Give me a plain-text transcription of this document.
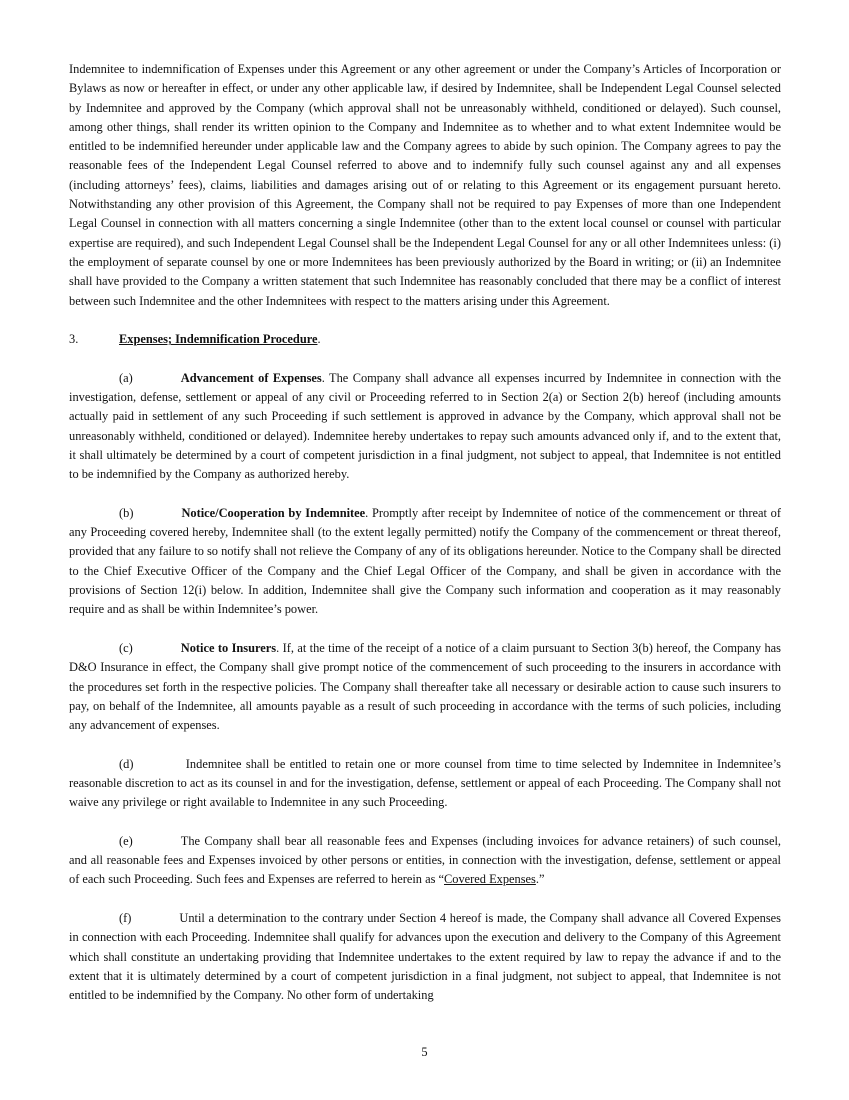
Indemnitee to indemnification of Expenses under this Agreement or any other agreement or under the Company’s Articles of Incorporation or Bylaws as now or hereafter in effect, or under any other applicable law, if desired by Indemnitee, shall be Independent Legal Counsel selected by Indemnitee and approved by the Company (which approval shall not be unreasonably withheld, conditioned or delayed). Such counsel, among other things, shall render its written opinion to the Company and Indemnitee as to whether and to what extent Indemnitee would be entitled to be indemnified hereunder under applicable law and the Company agrees to abide by such opinion. The Company agrees to pay the reasonable fees of the Independent Legal Counsel referred to above and to indemnify fully such counsel against any and all expenses (including attorneys’ fees), claims, liabilities and damages arising out of or relating to this Agreement or its engagement pursuant hereto. Notwithstanding any other provision of this Agreement, the Company shall not be required to pay Expenses of more than one Independent Legal Counsel in connection with all matters concerning a single Indemnitee (other than to the extent local counsel or counsel with particular expertise are required), and such Independent Legal Counsel shall be the Independent Legal Counsel for any or all other Indemnitees unless: (i) the employment of separate counsel by one or more Indemnitees has been previously authorized by the Board in writing; or (ii) an Indemnitee shall have provided to the Company a written statement that such Indemnitee has reasonably concluded that there may be a conflict of interest between such Indemnitee and the other Indemnitees with respect to the matters arising under this Agreement.

3.	Expenses; Indemnification Procedure.

(a)	Advancement of Expenses. The Company shall advance all expenses incurred by Indemnitee in connection with the investigation, defense, settlement or appeal of any civil or Proceeding referred to in Section 2(a) or Section 2(b) hereof (including amounts actually paid in settlement of any such Proceeding if such settlement is approved in advance by the Company, which approval shall not be unreasonably withheld, conditioned or delayed). Indemnitee hereby undertakes to repay such amounts advanced only if, and to the extent that, it shall ultimately be determined by a court of competent jurisdiction in a final judgment, not subject to appeal, that Indemnitee is not entitled to be indemnified by the Company as authorized hereby.

(b)	Notice/Cooperation by Indemnitee. Promptly after receipt by Indemnitee of notice of the commencement or threat of any Proceeding covered hereby, Indemnitee shall (to the extent legally permitted) notify the Company of the commencement or threat thereof, provided that any failure to so notify shall not relieve the Company of any of its obligations hereunder. Notice to the Company shall be directed to the Chief Executive Officer of the Company and the Chief Legal Officer of the Company, and shall be given in accordance with the provisions of Section 12(i) below. In addition, Indemnitee shall give the Company such information and cooperation as it may reasonably require and as shall be within Indemnitee’s power.

(c)	Notice to Insurers. If, at the time of the receipt of a notice of a claim pursuant to Section 3(b) hereof, the Company has D&O Insurance in effect, the Company shall give prompt notice of the commencement of such proceeding to the insurers in accordance with the procedures set forth in the respective policies. The Company shall thereafter take all necessary or desirable action to cause such insurers to pay, on behalf of the Indemnitee, all amounts payable as a result of such proceeding in accordance with the terms of such policies, including any advancement of expenses.

(d)	Indemnitee shall be entitled to retain one or more counsel from time to time selected by Indemnitee in Indemnitee’s reasonable discretion to act as its counsel in and for the investigation, defense, settlement or appeal of each Proceeding. The Company shall not waive any privilege or right available to Indemnitee in any such Proceeding.

(e)	The Company shall bear all reasonable fees and Expenses (including invoices for advance retainers) of such counsel, and all reasonable fees and Expenses invoiced by other persons or entities, in connection with the investigation, defense, settlement or appeal of each such Proceeding. Such fees and Expenses are referred to herein as “Covered Expenses.”

(f)	Until a determination to the contrary under Section 4 hereof is made, the Company shall advance all Covered Expenses in connection with each Proceeding. Indemnitee shall qualify for advances upon the execution and delivery to the Company of this Agreement which shall constitute an undertaking providing that Indemnitee undertakes to the extent required by law to repay the advance if and to the extent that it is ultimately determined by a court of competent jurisdiction in a final judgment, not subject to appeal, that Indemnitee is not entitled to be indemnified by the Company. No other form of undertaking

5
